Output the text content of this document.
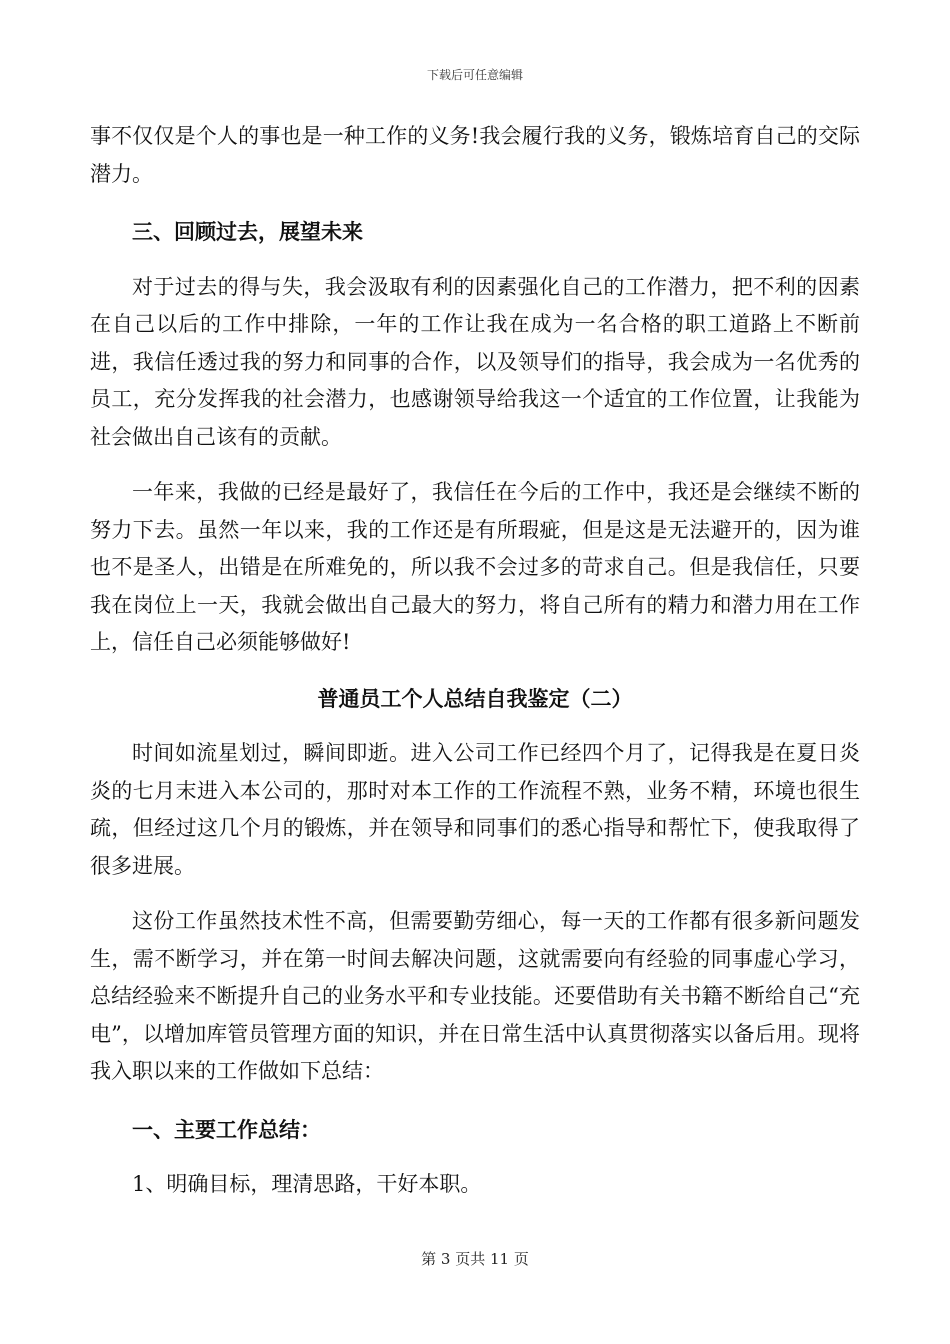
下载后可任意编辑

事不仅仅是个人的事也是一种工作的义务!我会履行我的义务，锻炼培育自己的交际潜力。

三、回顾过去，展望未来

对于过去的得与失，我会汲取有利的因素强化自己的工作潜力，把不利的因素在自己以后的工作中排除，一年的工作让我在成为一名合格的职工道路上不断前进，我信任透过我的努力和同事的合作，以及领导们的指导，我会成为一名优秀的员工，充分发挥我的社会潜力，也感谢领导给我这一个适宜的工作位置，让我能为社会做出自己该有的贡献。

一年来，我做的已经是最好了，我信任在今后的工作中，我还是会继续不断的努力下去。虽然一年以来，我的工作还是有所瑕疵，但是这是无法避开的，因为谁也不是圣人，出错是在所难免的，所以我不会过多的苛求自己。但是我信任，只要我在岗位上一天，我就会做出自己最大的努力，将自己所有的精力和潜力用在工作上，信任自己必须能够做好!

普通员工个人总结自我鉴定（二）

时间如流星划过，瞬间即逝。进入公司工作已经四个月了，记得我是在夏日炎炎的七月末进入本公司的，那时对本工作的工作流程不熟，业务不精，环境也很生疏，但经过这几个月的锻炼，并在领导和同事们的悉心指导和帮忙下，使我取得了很多进展。

这份工作虽然技术性不高，但需要勤劳细心，每一天的工作都有很多新问题发生，需不断学习，并在第一时间去解决问题，这就需要向有经验的同事虚心学习，总结经验来不断提升自己的业务水平和专业技能。还要借助有关书籍不断给自己“充电”，以增加库管员管理方面的知识，并在日常生活中认真贯彻落实以备后用。现将我入职以来的工作做如下总结：

一、主要工作总结：

1、明确目标，理清思路，干好本职。

第 3 页共 11 页
